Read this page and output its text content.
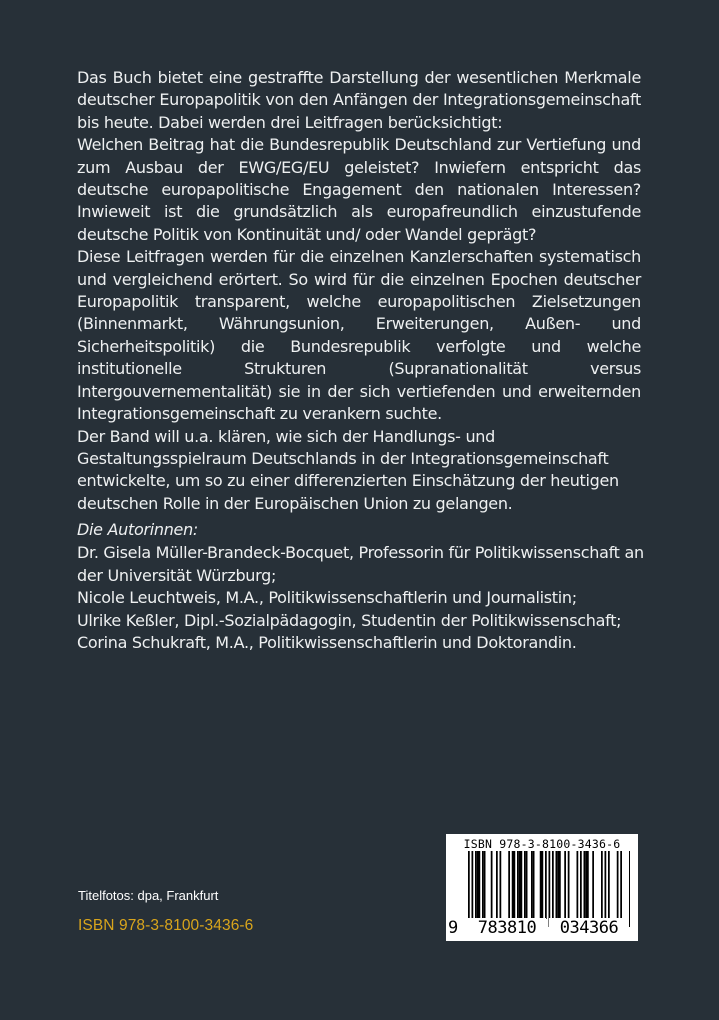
Das Buch bietet eine gestraffte Darstellung der wesentlichen Merkmale deutscher Europapolitik von den Anfängen der Integrationsgemeinschaft bis heute. Dabei werden drei Leitfragen berücksichtigt:

Welchen Beitrag hat die Bundesrepublik Deutschland zur Vertiefung und zum Ausbau der EWG/EG/EU geleistet? Inwiefern entspricht das deutsche europapolitische Engagement den nationalen Interessen? Inwieweit ist die grundsätzlich als europafreundlich einzustufende deutsche Politik von Kontinuität und/ oder Wandel geprägt?

Diese Leitfragen werden für die einzelnen Kanzlerschaften systematisch und vergleichend erörtert. So wird für die einzelnen Epochen deutscher Europapolitik transparent, welche europapolitischen Zielsetzungen (Binnenmarkt, Währungsunion, Erweiterungen, Außen- und Sicherheitspolitik) die Bundesrepublik verfolgte und welche institutionelle Strukturen (Supranationalität versus Intergouvernementalität) sie in der sich vertiefenden und erweiternden Integrationsgemeinschaft zu verankern suchte.

Der Band will u.a. klären, wie sich der Handlungs- und Gestaltungsspielraum Deutschlands in der Integrationsgemeinschaft entwickelte, um so zu einer differenzierten Einschätzung der heutigen deutschen Rolle in der Europäischen Union zu gelangen.

Die Autorinnen:

Dr. Gisela Müller-Brandeck-Bocquet, Professorin für Politikwissenschaft an

der Universität Würzburg;

Nicole Leuchtweis, M.A., Politikwissenschaftlerin und Journalistin;

Ulrike Keßler, Dipl.-Sozialpädagogin, Studentin der Politikwissenschaft;

Corina Schukraft, M.A., Politikwissenschaftlerin und Doktorandin.

Titelfotos: dpa, Frankfurt
ISBN 978-3-8100-3436-6
ISBN 978-3-8100-3436-6
9	783810	034366
